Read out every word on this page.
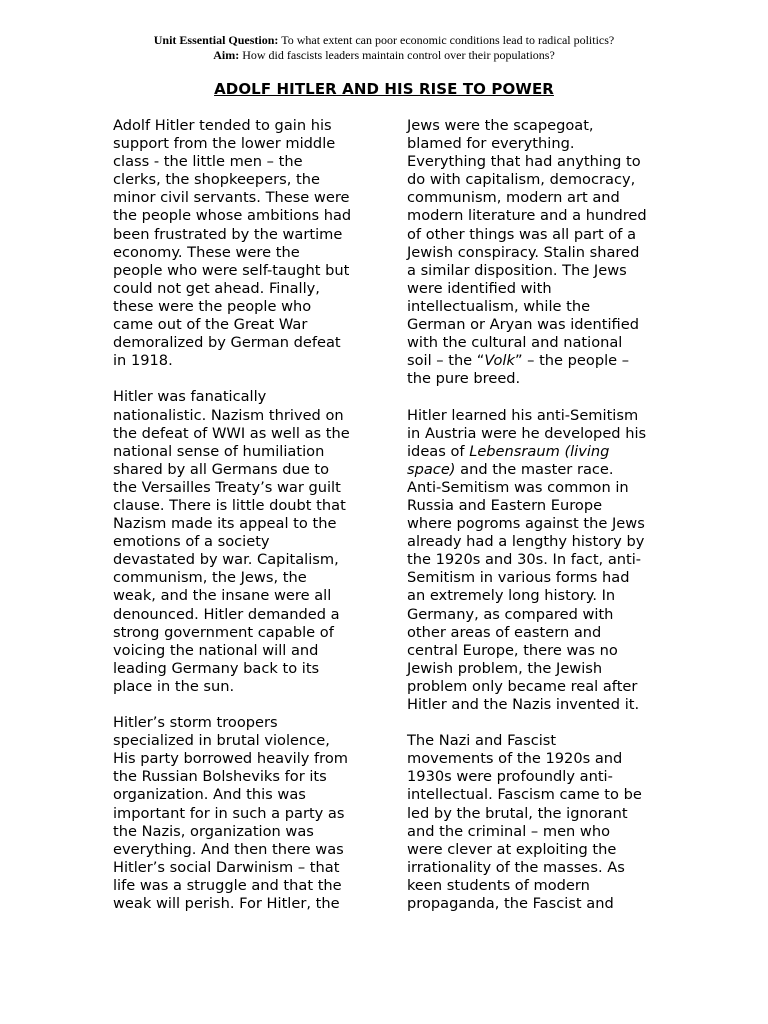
Unit Essential Question: To what extent can poor economic conditions lead to radical politics?
Aim: How did fascists leaders maintain control over their populations?
ADOLF HITLER AND HIS RISE TO POWER
Adolf Hitler tended to gain his
support from the lower middle
class - the little men – the
clerks, the shopkeepers, the
minor civil servants. These were
the people whose ambitions had
been frustrated by the wartime
economy. These were the
people who were self-taught but
could not get ahead. Finally,
these were the people who
came out of the Great War
demoralized by German defeat
in 1918.
Hitler was fanatically
nationalistic. Nazism thrived on
the defeat of WWI as well as the
national sense of humiliation
shared by all Germans due to
the Versailles Treaty’s war guilt
clause. There is little doubt that
Nazism made its appeal to the
emotions of a society
devastated by war. Capitalism,
communism, the Jews, the
weak, and the insane were all
denounced. Hitler demanded a
strong government capable of
voicing the national will and
leading Germany back to its
place in the sun.
Hitler’s storm troopers
specialized in brutal violence,
His party borrowed heavily from
the Russian Bolsheviks for its
organization. And this was
important for in such a party as
the Nazis, organization was
everything. And then there was
Hitler’s social Darwinism – that
life was a struggle and that the
weak will perish. For Hitler, the
Jews were the scapegoat,
blamed for everything.
Everything that had anything to
do with capitalism, democracy,
communism, modern art and
modern literature and a hundred
of other things was all part of a
Jewish conspiracy. Stalin shared
a similar disposition. The Jews
were identified with
intellectualism, while the
German or Aryan was identified
with the cultural and national
soil – the “Volk” – the people –
the pure breed.
Hitler learned his anti-Semitism
in Austria were he developed his
ideas of Lebensraum (living
space) and the master race.
Anti-Semitism was common in
Russia and Eastern Europe
where pogroms against the Jews
already had a lengthy history by
the 1920s and 30s. In fact, anti-
Semitism in various forms had
an extremely long history. In
Germany, as compared with
other areas of eastern and
central Europe, there was no
Jewish problem, the Jewish
problem only became real after
Hitler and the Nazis invented it.
The Nazi and Fascist
movements of the 1920s and
1930s were profoundly anti-
intellectual. Fascism came to be
led by the brutal, the ignorant
and the criminal – men who
were clever at exploiting the
irrationality of the masses. As
keen students of modern
propaganda, the Fascist and
